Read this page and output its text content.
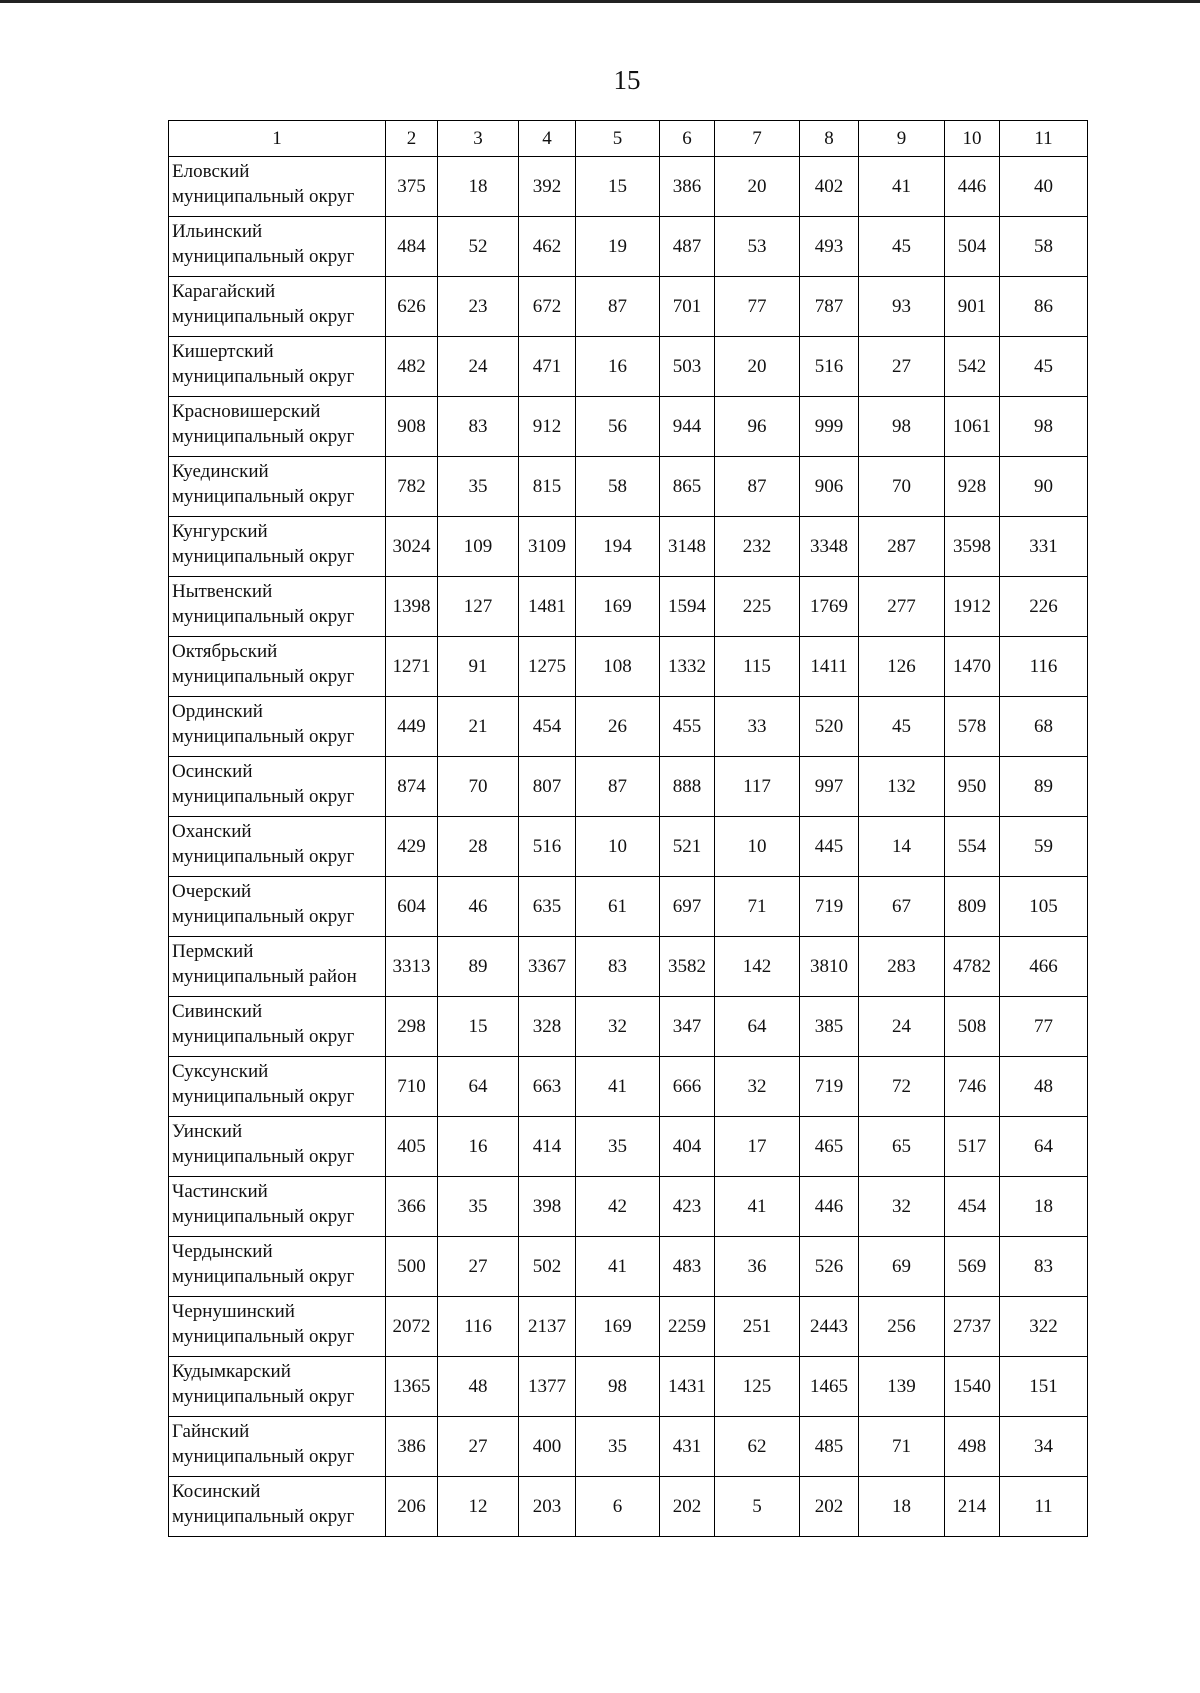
15
1	2	3	4	5	6	7	8	9	10	11

Еловский
муниципальный округ	375	18	392	15	386	20	402	41	446	40

Ильинский
муниципальный округ	484	52	462	19	487	53	493	45	504	58

Карагайский
муниципальный округ	626	23	672	87	701	77	787	93	901	86

Кишертский
муниципальный округ	482	24	471	16	503	20	516	27	542	45

Красновишерский
муниципальный округ	908	83	912	56	944	96	999	98	1061	98

Куединский
муниципальный округ	782	35	815	58	865	87	906	70	928	90

Кунгурский
муниципальный округ	3024	109	3109	194	3148	232	3348	287	3598	331

Нытвенский
муниципальный округ	1398	127	1481	169	1594	225	1769	277	1912	226

Октябрьский
муниципальный округ	1271	91	1275	108	1332	115	1411	126	1470	116

Ординский
муниципальный округ	449	21	454	26	455	33	520	45	578	68

Осинский
муниципальный округ	874	70	807	87	888	117	997	132	950	89

Оханский
муниципальный округ	429	28	516	10	521	10	445	14	554	59

Очерский
муниципальный округ	604	46	635	61	697	71	719	67	809	105

Пермский
муниципальный район	3313	89	3367	83	3582	142	3810	283	4782	466

Сивинский
муниципальный округ	298	15	328	32	347	64	385	24	508	77

Суксунский
муниципальный округ	710	64	663	41	666	32	719	72	746	48

Уинский
муниципальный округ	405	16	414	35	404	17	465	65	517	64

Частинский
муниципальный округ	366	35	398	42	423	41	446	32	454	18

Чердынский
муниципальный округ	500	27	502	41	483	36	526	69	569	83

Чернушинский
муниципальный округ	2072	116	2137	169	2259	251	2443	256	2737	322

Кудымкарский
муниципальный округ	1365	48	1377	98	1431	125	1465	139	1540	151

Гайнский
муниципальный округ	386	27	400	35	431	62	485	71	498	34

Косинский
муниципальный округ	206	12	203	6	202	5	202	18	214	11
